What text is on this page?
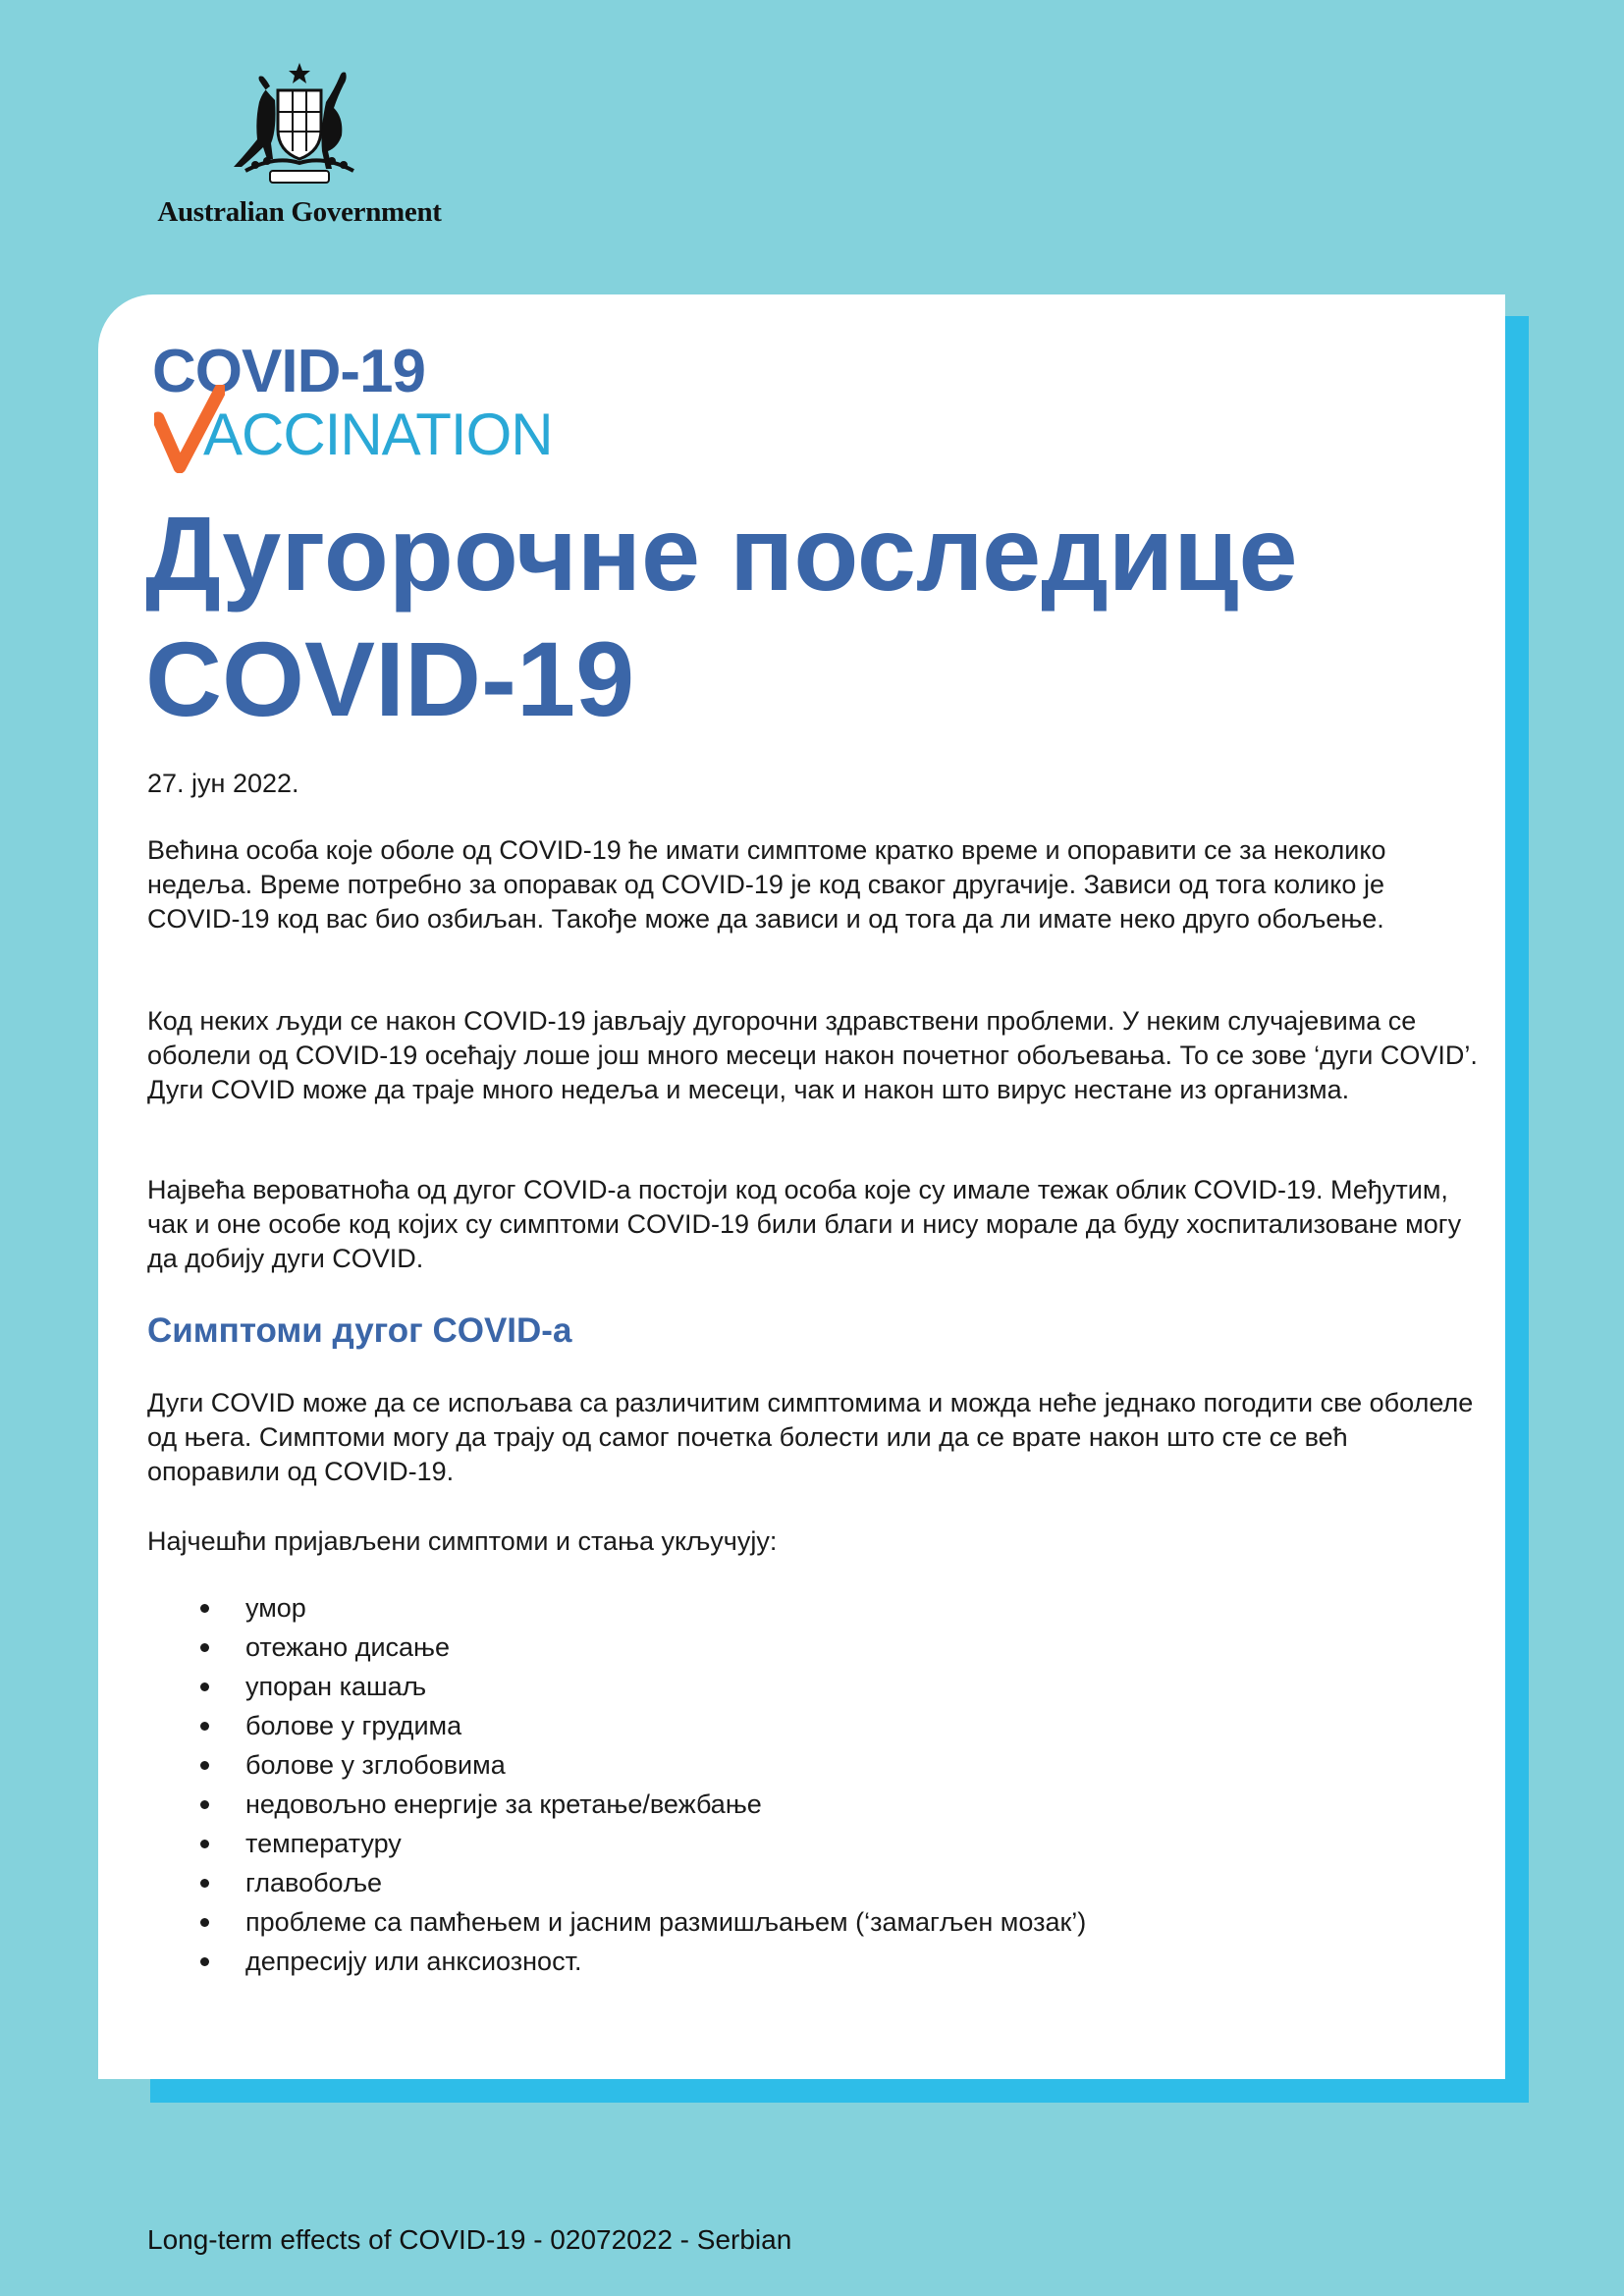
Australian Government
COVID-19
ACCINATION
Дугорочне последице COVID-19

27. јун 2022.

Већина особа које оболе од COVID-19 ће имати симптоме кратко време и опоравити се за неколико недеља. Време потребно за опоравак од COVID-19 је код сваког другачије. Зависи од тога колико је COVID-19 код вас био озбиљан. Такође може да зависи и од тога да ли имате неко друго обољење.

Код неких људи се након COVID-19 јављају дугорочни здравствени проблеми. У неким случајевима се оболели од COVID-19 осећају лоше још много месеци након почетног обољевања. То се зове ‘дуги COVID’. Дуги COVID може да траје много недеља и месеци, чак и након што вирус нестане из организма.

Највећа вероватноћа од дугог COVID-а постоји код особа које су имале тежак облик COVID-19. Међутим, чак и оне особе код којих су симптоми COVID-19 били благи и нису морале да буду хоспитализоване могу да добију дуги COVID.

Симптоми дугог COVID-а

Дуги COVID може да се испољава са различитим симптомима и можда неће једнако погодити све оболеле од њега. Симптоми могу да трају од самог почетка болести или да се врате након што сте се већ опоравили од COVID-19.

Најчешћи пријављени симптоми и стања укључују:

умор
отежано дисање
упоран кашаљ
болове у грудима
болове у зглобовима
недовољно енергије за кретање/вежбање
температуру
главобоље
проблеме са памћењем и јасним размишљањем (‘замагљен мозак’)
депресију или анксиозност.

Long-term effects of COVID-19 - 02072022 - Serbian
